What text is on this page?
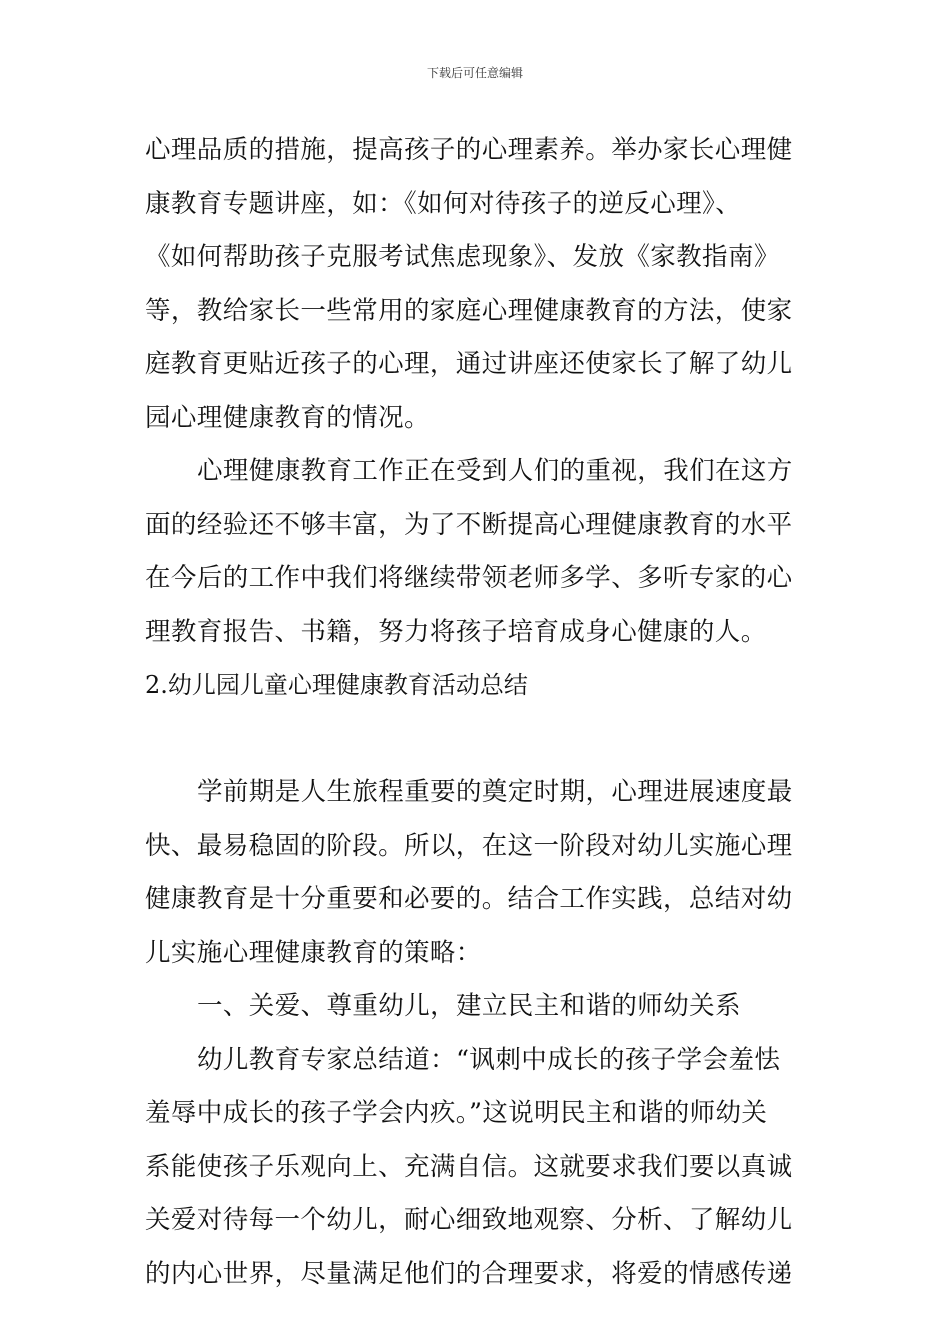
下载后可任意编辑
心理品质的措施，提高孩子的心理素养。举办家长心理健
康教育专题讲座，如：《如何对待孩子的逆反心理》、
《如何帮助孩子克服考试焦虑现象》、发放《家教指南》
等，教给家长一些常用的家庭心理健康教育的方法，使家
庭教育更贴近孩子的心理，通过讲座还使家长了解了幼儿
园心理健康教育的情况。
心理健康教育工作正在受到人们的重视，我们在这方
面的经验还不够丰富，为了不断提高心理健康教育的水平
在今后的工作中我们将继续带领老师多学、多听专家的心
理教育报告、书籍，努力将孩子培育成身心健康的人。
2.幼儿园儿童心理健康教育活动总结
学前期是人生旅程重要的奠定时期，心理进展速度最
快、最易稳固的阶段。所以，在这一阶段对幼儿实施心理
健康教育是十分重要和必要的。结合工作实践，总结对幼
儿实施心理健康教育的策略：
一、关爱、尊重幼儿，建立民主和谐的师幼关系
幼儿教育专家总结道：“讽刺中成长的孩子学会羞怯
羞辱中成长的孩子学会内疚。”这说明民主和谐的师幼关
系能使孩子乐观向上、充满自信。这就要求我们要以真诚
关爱对待每一个幼儿，耐心细致地观察、分析、了解幼儿
的内心世界，尽量满足他们的合理要求，将爱的情感传递
